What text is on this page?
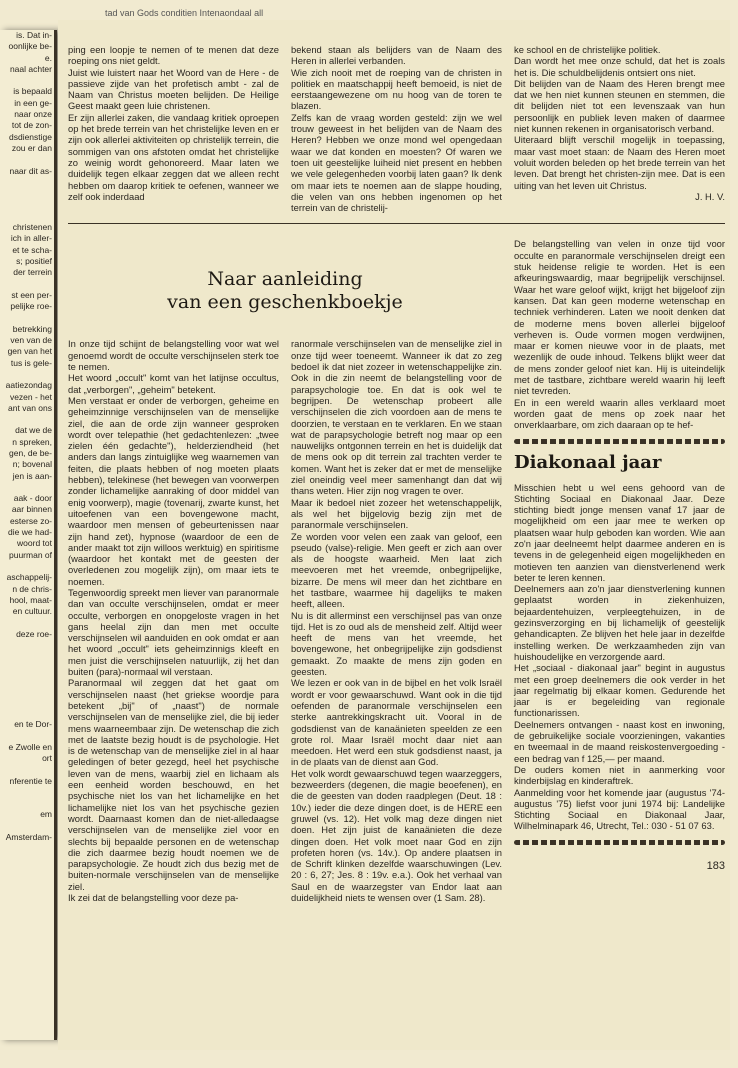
is. Dat in-
oonlijke be-
e.
naal achter
is bepaald
in een ge-
naar onze
tot de zon-
dsdienstige
zou er dan
naar dit as-
christenen
ich in aller-
et te scha-
s; positief
der terrein
st een per-
pelijke roe-
betrekking
ven van de
gen van het
tus is gele-
aatiezondag
vezen - het
ant van ons
dat we de
n spreken,
gen, de be-
n; bovenal
jen is aan-
aak - door
aar binnen
esterse zo-
die we had-
woord tot
puurman of
aschappelij-
n de chris-
hool, maat-
en cultuur.
deze roe-
en te Dor-
e Zwolle en
ort
nferentie te
em
Amsterdam-
tad van Gods conditien Intenaondaal all

ping een loopje te nemen of te menen dat deze roeping ons niet geldt.

Juist wie luistert naar het Woord van de Here - de passieve zijde van het profetisch ambt - zal de Naam van Christus moeten belijden. De Heilige Geest maakt geen luie christenen.

Er zijn allerlei zaken, die vandaag kritiek oproepen op het brede terrein van het christelijke leven en er zijn ook allerlei aktiviteiten op christelijk terrein, die sommigen van ons afstoten omdat het christelijke zo weinig wordt gehonoreerd. Maar laten we duidelijk tegen elkaar zeggen dat we alleen recht hebben om daarop kritiek te oefenen, wanneer we zelf ook inderdaad

bekend staan als belijders van de Naam des Heren in allerlei verbanden.

Wie zich nooit met de roeping van de christen in politiek en maatschappij heeft bemoeid, is niet de eerstaangewezene om nu hoog van de toren te blazen.

Zelfs kan de vraag worden gesteld: zijn we wel trouw geweest in het belijden van de Naam des Heren? Hebben we onze mond wel opengedaan waar we dat konden en moesten? Of waren we toen uit geestelijke luiheid niet present en hebben we vele gelegenheden voorbij laten gaan? Ik denk om maar iets te noemen aan de slappe houding, die velen van ons hebben ingenomen op het terrein van de christelij-

ke school en de christelijke politiek.

Dan wordt het mee onze schuld, dat het is zoals het is. Die schuldbelijdenis ontsiert ons niet.

Dit belijden van de Naam des Heren brengt mee dat we hen niet kunnen steunen en stemmen, die dit belijden niet tot een levenszaak van hun persoonlijk en publiek leven maken of daarmee niet kunnen rekenen in organisatorisch verband.

Uiteraard blijft verschil mogelijk in toepassing, maar vast moet staan: de Naam des Heren moet voluit worden beleden op het brede terrein van het leven. Dat brengt het christen-zijn mee. Dat is een uiting van het leven uit Christus.

J. H. V.
Naar aanleiding
van een geschenkboekje

In onze tijd schijnt de belangstelling voor wat wel genoemd wordt de occulte verschijnselen sterk toe te nemen.

Het woord „occult" komt van het latijnse occultus, dat „verborgen", „geheim" betekent.

Men verstaat er onder de verborgen, geheime en geheimzinnige verschijnselen van de menselijke ziel, die aan de orde zijn wanneer gesproken wordt over telepathie (het gedachtenlezen: „twee zielen één gedachte"), helderziendheid (het anders dan langs zintuiglijke weg waarnemen van feiten, die plaats hebben of nog moeten plaats hebben), telekinese (het bewegen van voorwerpen zonder lichamelijke aanraking of door middel van enig voorwerp), magie (tovenarij, zwarte kunst, het uitoefenen van een bovengewone macht, waardoor men mensen of gebeurtenissen naar zijn hand zet), hypnose (waardoor de een de ander maakt tot zijn willoos werktuig) en spiritisme (waardoor het kontakt met de geesten der overledenen zou mogelijk zijn), om maar iets te noemen.

Tegenwoordig spreekt men liever van paranormale dan van occulte verschijnselen, omdat er meer occulte, verborgen en onopgeloste vragen in het gans heelal zijn dan men met occulte verschijnselen wil aanduiden en ook omdat er aan het woord „occult" iets geheimzinnigs kleeft en men juist die verschijnselen natuurlijk, zij het dan buiten (para)-normaal wil verstaan.

Paranormaal wil zeggen dat het gaat om verschijnselen naast (het griekse woordje para betekent „bij" of „naast") de normale verschijnselen van de menselijke ziel, die bij ieder mens waarneembaar zijn. De wetenschap die zich met de laatste bezig houdt is de psychologie. Het is de wetenschap van de menselijke ziel in al haar geledingen of beter gezegd, heel het psychische leven van de mens, waarbij ziel en lichaam als een eenheid worden beschouwd, en het psychische niet los van het lichamelijke en het lichamelijke niet los van het psychische gezien wordt. Daarnaast komen dan de niet-alledaagse verschijnselen van de menselijke ziel voor en slechts bij bepaalde personen en de wetenschap die zich daarmee bezig houdt noemen we de parapsychologie. Ze houdt zich dus bezig met de buiten-normale verschijnselen van de menselijke ziel.

Ik zei dat de belangstelling voor deze pa-

ranormale verschijnselen van de menselijke ziel in onze tijd weer toeneemt. Wanneer ik dat zo zeg bedoel ik dat niet zozeer in wetenschappelijke zin. Ook in die zin neemt de belangstelling voor de parapsychologie toe. En dat is ook wel te begrijpen. De wetenschap probeert alle verschijnselen die zich voordoen aan de mens te doorzien, te verstaan en te verklaren. En we staan wat de parapsychologie betreft nog maar op een nauwelijks ontgonnen terrein en het is duidelijk dat de mens ook op dit terrein zal trachten verder te komen. Want het is zeker dat er met de menselijke ziel oneindig veel meer samenhangt dan dat wij thans weten. Hier zijn nog vragen te over.

Maar ik bedoel niet zozeer het wetenschappelijk, als wel het bijgelovig bezig zijn met de paranormale verschijnselen.

Ze worden voor velen een zaak van geloof, een pseudo (valse)-religie. Men geeft er zich aan over als de hoogste waarheid. Men laat zich meevoeren met het vreemde, onbegrijpelijke, bizarre. De mens wil meer dan het zichtbare en het tastbare, waarmee hij dagelijks te maken heeft, alleen.

Nu is dit allerminst een verschijnsel pas van onze tijd. Het is zo oud als de mensheid zelf. Altijd weer heeft de mens van het vreemde, het bovengewone, het onbegrijpelijke zijn godsdienst gemaakt. Zo maakte de mens zijn goden en geesten.

We lezen er ook van in de bijbel en het volk Israël wordt er voor gewaarschuwd. Want ook in die tijd oefenden de paranormale verschijnselen een sterke aantrekkingskracht uit. Vooral in de godsdienst van de kanaänieten speelden ze een grote rol. Maar Israël mocht daar niet aan meedoen. Het werd een stuk godsdienst naast, ja in de plaats van de dienst aan God.

Het volk wordt gewaarschuwd tegen waarzeggers, bezweerders (degenen, die magie beoefenen), en die de geesten van doden raadplegen (Deut. 18 : 10v.) ieder die deze dingen doet, is de HERE een gruwel (vs. 12). Het volk mag deze dingen niet doen. Het zijn juist de kanaänieten die deze dingen doen. Het volk moet naar God en zijn profeten horen (vs. 14v.). Op andere plaatsen in de Schrift klinken dezelfde waarschuwingen (Lev. 20 : 6, 27; Jes. 8 : 19v. e.a.). Ook het verhaal van Saul en de waarzegster van Endor laat aan duidelijkheid niets te wensen over (1 Sam. 28).

De belangstelling van velen in onze tijd voor occulte en paranormale verschijnselen dreigt een stuk heidense religie te worden. Het is een afkeuringswaardig, maar begrijpelijk verschijnsel. Waar het ware geloof wijkt, krijgt het bijgeloof zijn kansen. Dat kan geen moderne wetenschap en techniek verhinderen. Laten we nooit denken dat de moderne mens boven allerlei bijgeloof verheven is. Oude vormen mogen verdwijnen, maar er komen nieuwe voor in de plaats, met wezenlijk de oude inhoud. Telkens blijkt weer dat de mens zonder geloof niet kan. Hij is uiteindelijk met de tastbare, zichtbare wereld waarin hij leeft niet tevreden.

En in een wereld waarin alles verklaard moet worden gaat de mens op zoek naar het onverklaarbare, om zich daaraan op te hef-

Diakonaal jaar

Misschien hebt u wel eens gehoord van de Stichting Sociaal en Diakonaal Jaar. Deze stichting biedt jonge mensen vanaf 17 jaar de mogelijkheid om een jaar mee te werken op plaatsen waar hulp geboden kan worden. Wie aan zo'n jaar deelneemt helpt daarmee anderen en is tevens in de gelegenheid eigen mogelijkheden en motieven ten aanzien van dienstverlenend werk beter te leren kennen.

Deelnemers aan zo'n jaar dienstverlening kunnen geplaatst worden in ziekenhuizen, bejaardentehuizen, verpleegtehuizen, in de gezinsverzorging en bij lichamelijk of geestelijk gehandicapten. Ze blijven het hele jaar in dezelfde instelling werken. De werkzaamheden zijn van huishoudelijke en verzorgende aard.

Het „sociaal - diakonaal jaar" begint in augustus met een groep deelnemers die ook verder in het jaar regelmatig bij elkaar komen. Gedurende het jaar is er begeleiding van regionale functionarissen.

Deelnemers ontvangen - naast kost en inwoning, de gebruikelijke sociale voorzieningen, vakanties en tweemaal in de maand reiskostenvergoeding - een bedrag van f 125,— per maand.

De ouders komen niet in aanmerking voor kinderbijslag en kinderaftrek.

Aanmelding voor het komende jaar (augustus '74-augustus '75) liefst voor juni 1974 bij: Landelijke Stichting Sociaal en Diakonaal Jaar, Wilhelminapark 46, Utrecht, Tel.: 030 - 51 07 63.

183
